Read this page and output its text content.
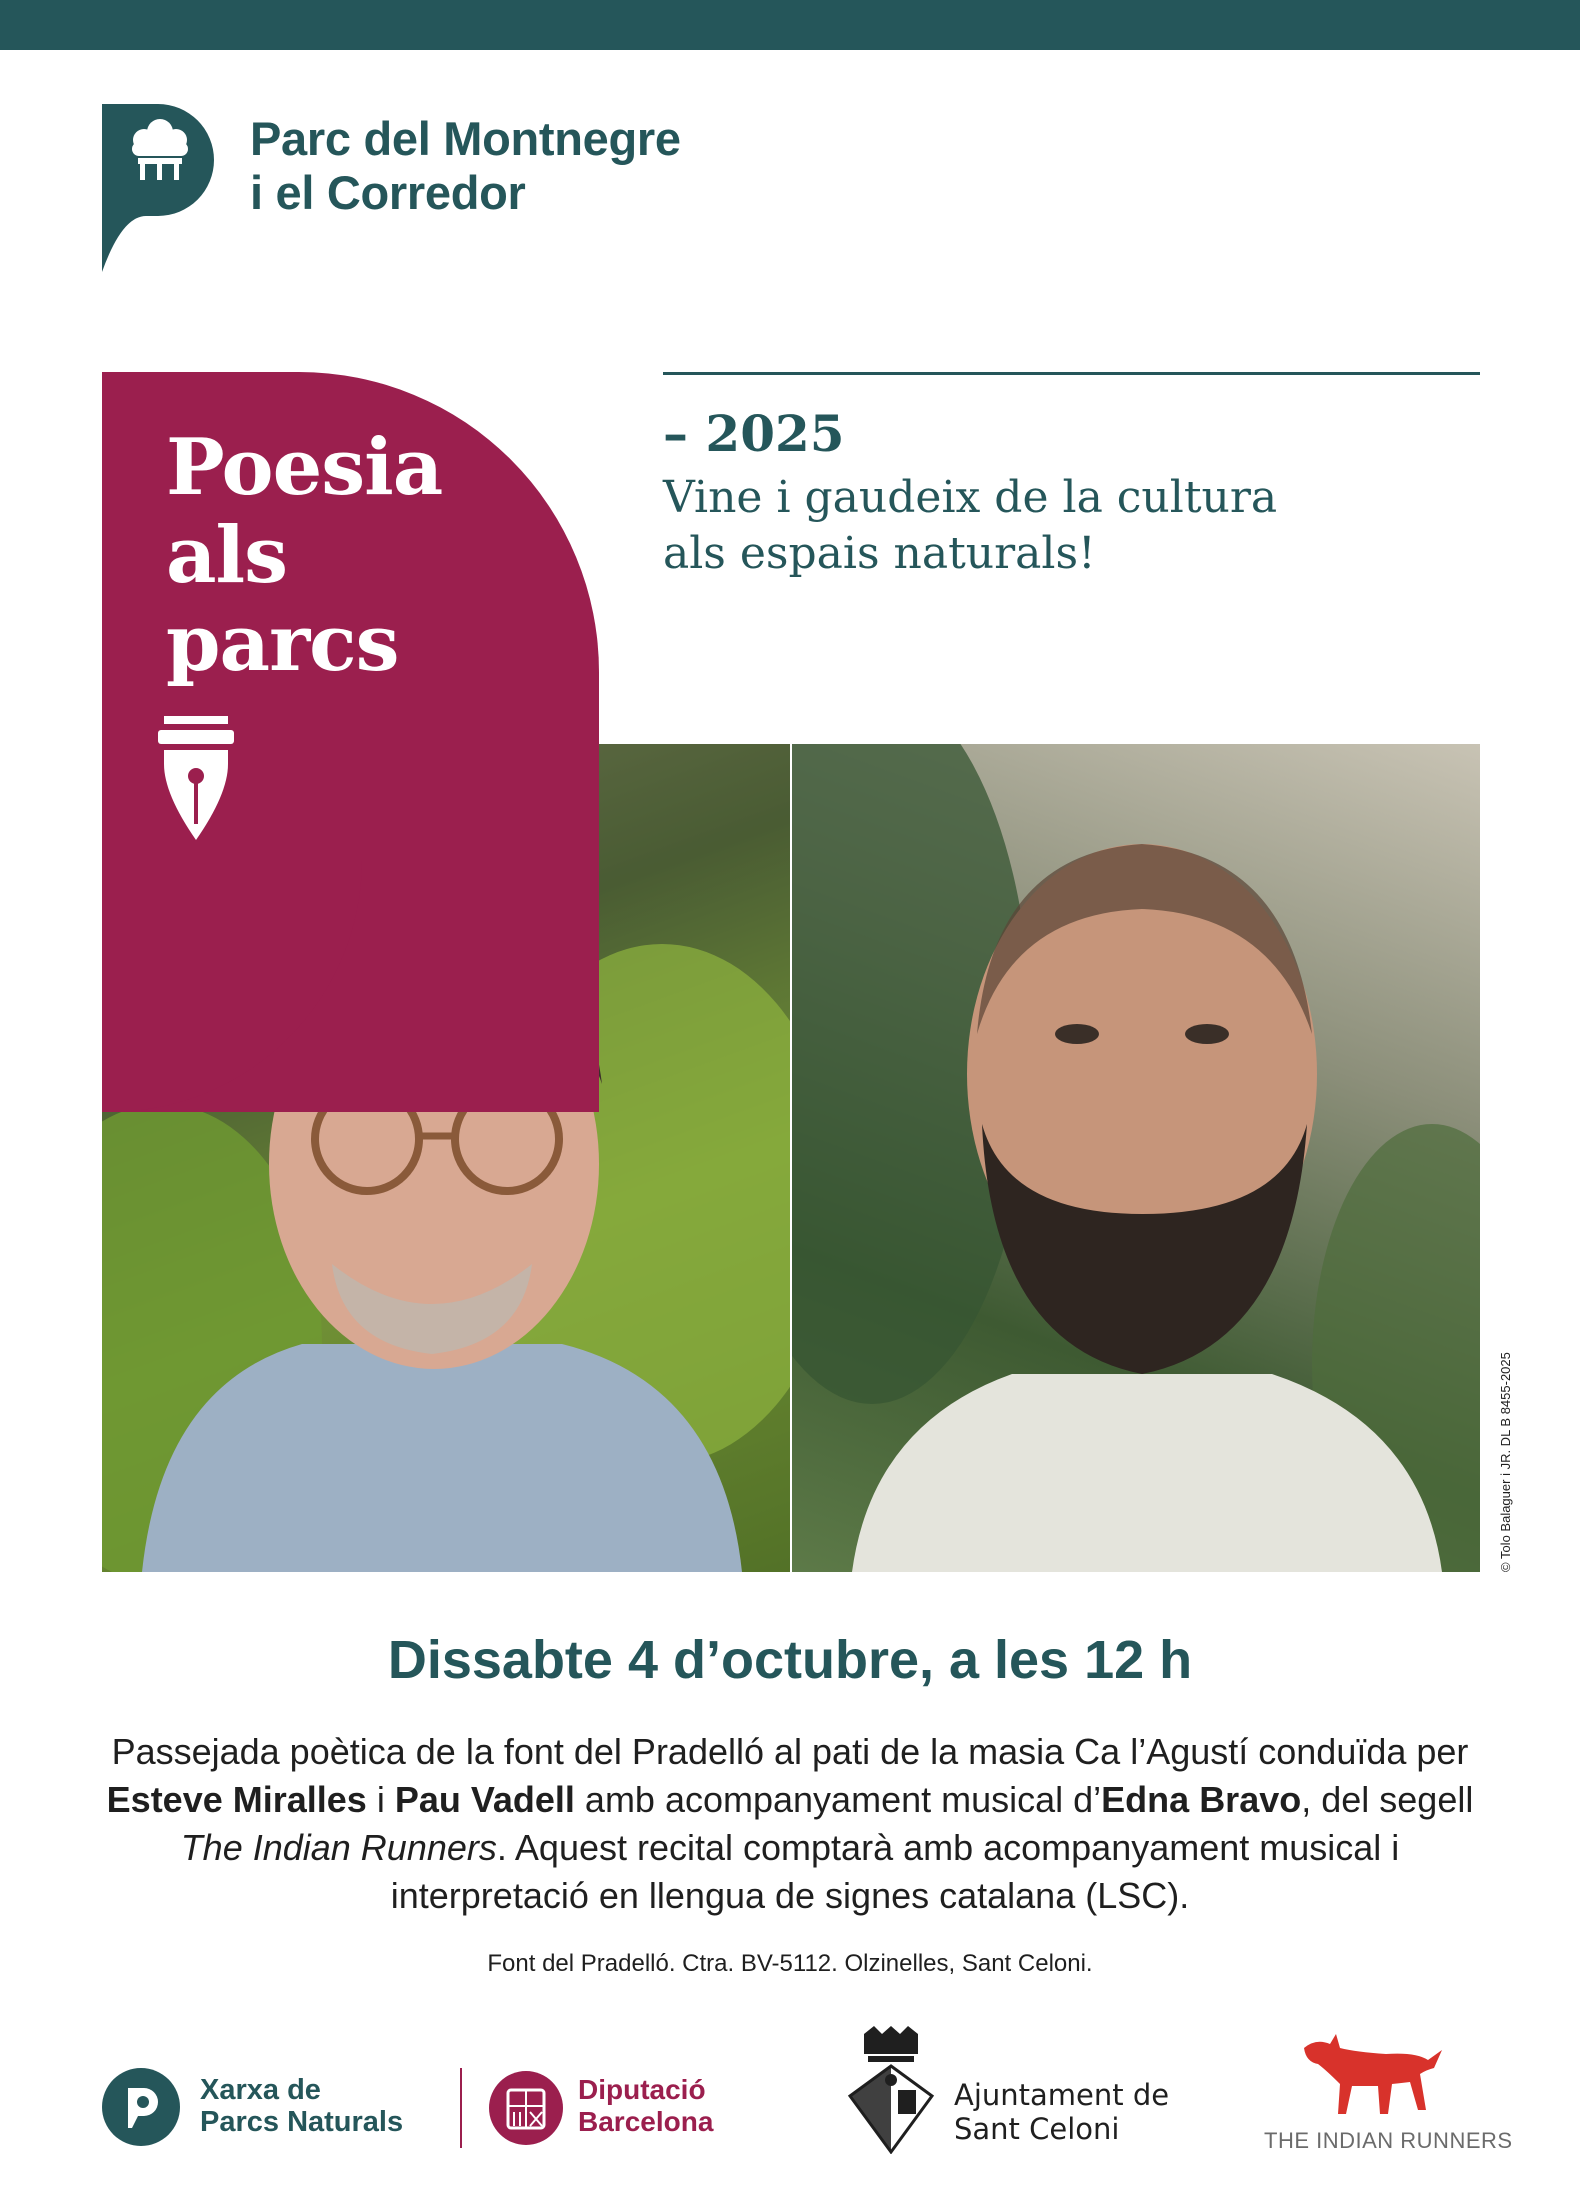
Parc del Montnegre
i el Corredor
Poesia
als
parcs
– 2025
Vine i gaudeix de la cultura
als espais naturals!
© Tolo Balaguer i JR. DL B 8455-2025
Dissabte 4 d’octubre, a les 12 h
Passejada poètica de la font del Pradelló al pati de la masia Ca l’Agustí conduïda per Esteve Miralles i Pau Vadell amb acompanyament musical d’Edna Bravo, del segell The Indian Runners. Aquest recital comptarà amb acompanyament musical i interpretació en llengua de signes catalana (LSC).
Font del Pradelló. Ctra. BV-5112. Olzinelles, Sant Celoni.
Xarxa de
Parcs Naturals
Diputació
Barcelona
Ajuntament de
Sant Celoni	THE INDIAN RUNNERS
